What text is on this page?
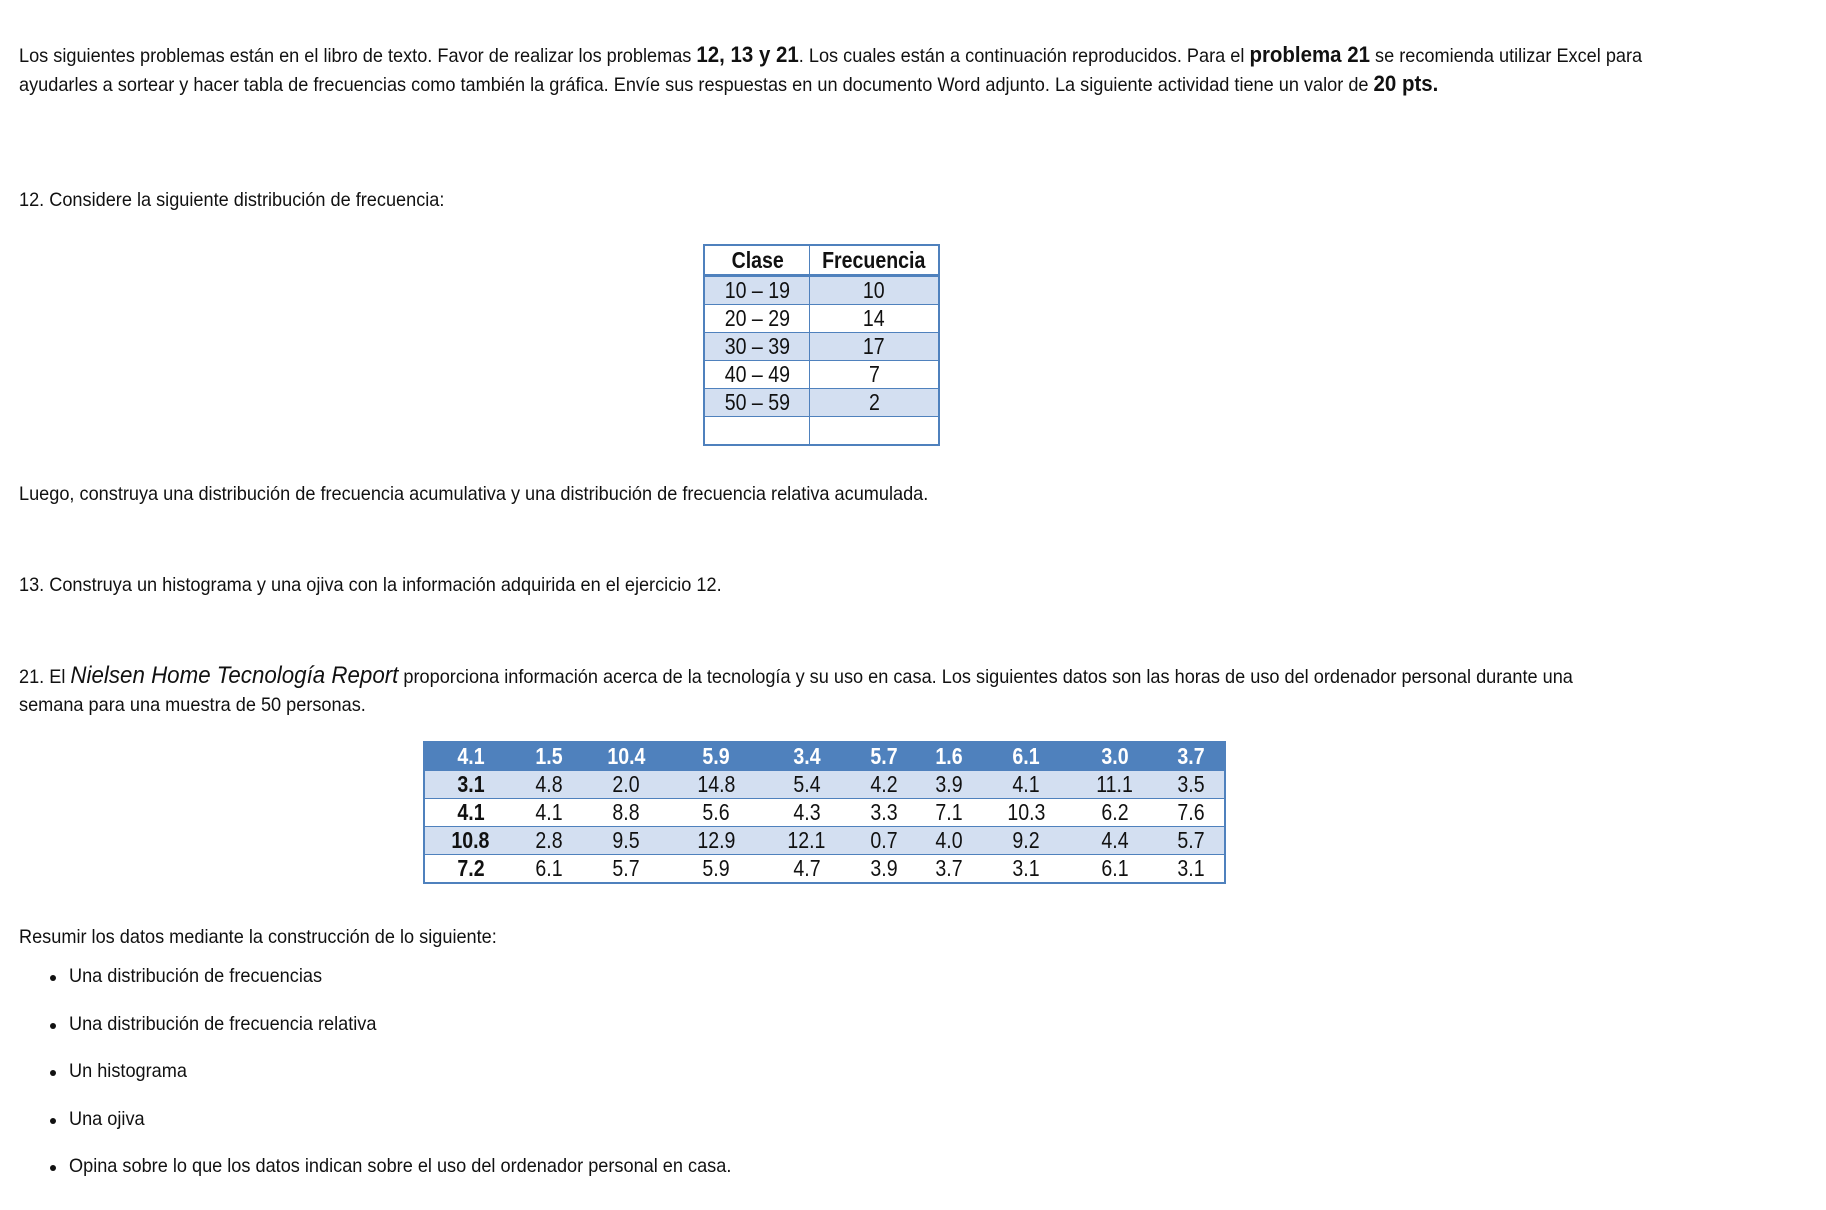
Los siguientes problemas están en el libro de texto. Favor de realizar los problemas 12, 13 y 21. Los cuales están a continuación reproducidos. Para el problema 21 se recomienda utilizar Excel para ayudarles a sortear y hacer tabla de frecuencias como también la gráfica. Envíe sus respuestas en un documento Word adjunto. La siguiente actividad tiene un valor de 20 pts.
12. Considere la siguiente distribución de frecuencia:
Luego, construya una distribución de frecuencia acumulativa y una distribución de frecuencia relativa acumulada.
13. Construya un histograma y una ojiva con la información adquirida en el ejercicio 12.
21. El Nielsen Home Tecnología Report proporciona información acerca de la tecnología y su uso en casa. Los siguientes datos son las horas de uso del ordenador personal durante una semana para una muestra de 50 personas.
Resumir los datos mediante la construcción de lo siguiente:
Una distribución de frecuencias
Una distribución de frecuencia relativa
Un histograma
Una ojiva
Opina sobre lo que los datos indican sobre el uso del ordenador personal en casa.
Clase	Frecuencia
10 – 19	10
20 – 29	14
30 – 39	17
40 – 49	7
50 – 59	2

4.1	1.5	10.4	5.9	3.4	5.7	1.6	6.1	3.0	3.7
3.1	4.8	2.0	14.8	5.4	4.2	3.9	4.1	11.1	3.5
4.1	4.1	8.8	5.6	4.3	3.3	7.1	10.3	6.2	7.6
10.8	2.8	9.5	12.9	12.1	0.7	4.0	9.2	4.4	5.7
7.2	6.1	5.7	5.9	4.7	3.9	3.7	3.1	6.1	3.1
